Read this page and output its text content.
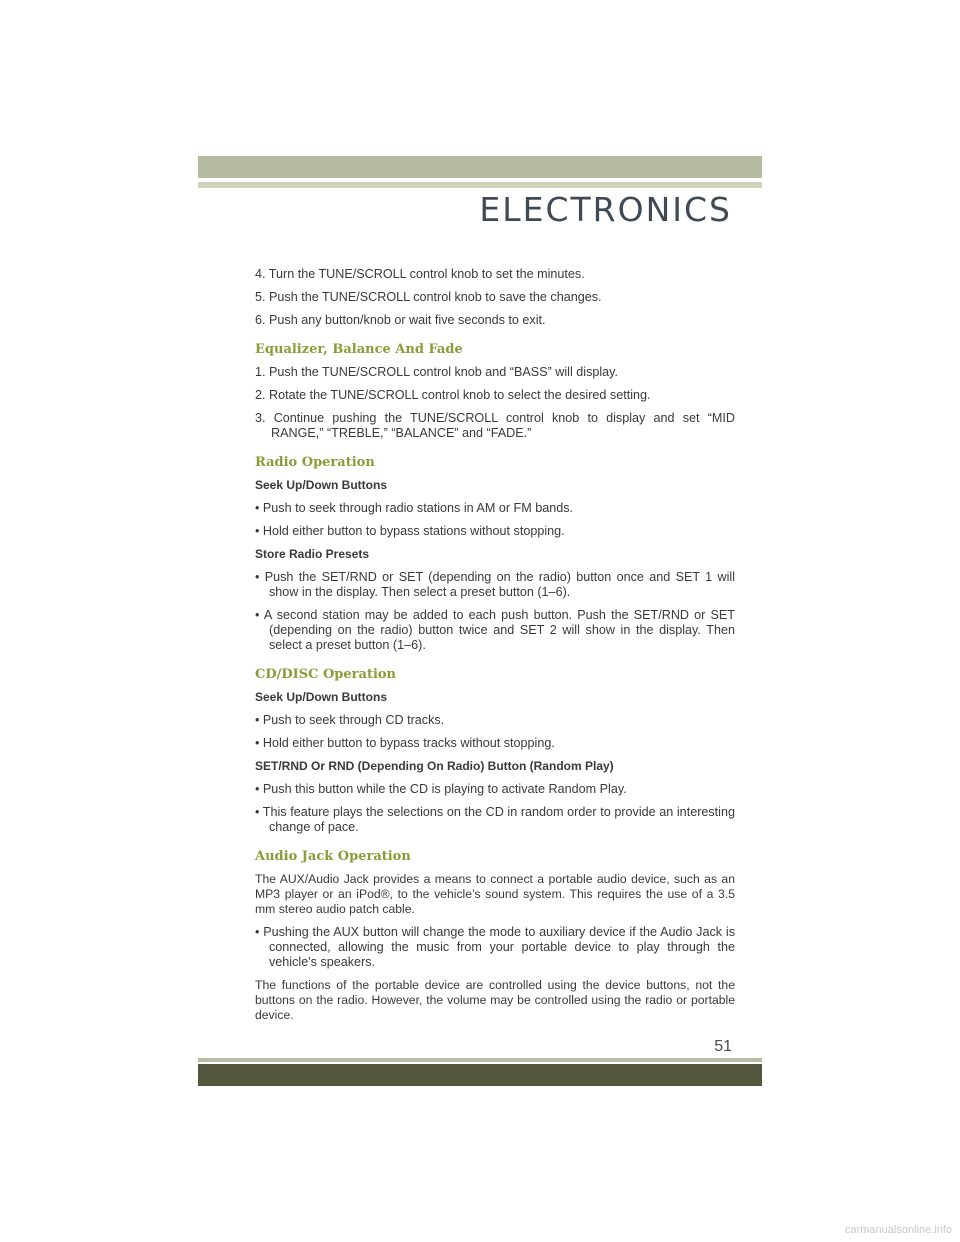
ELECTRONICS

4. Turn the TUNE/SCROLL control knob to set the minutes.

5. Push the TUNE/SCROLL control knob to save the changes.

6. Push any button/knob or wait five seconds to exit.

Equalizer, Balance And Fade

1. Push the TUNE/SCROLL control knob and “BASS” will display.

2. Rotate the TUNE/SCROLL control knob to select the desired setting.

3. Continue pushing the TUNE/SCROLL control knob to display and set “MID RANGE,” “TREBLE,” “BALANCE” and “FADE.”

Radio Operation
Seek Up/Down Buttons

• Push to seek through radio stations in AM or FM bands.

• Hold either button to bypass stations without stopping.

Store Radio Presets

• Push the SET/RND or SET (depending on the radio) button once and SET 1 will show in the display. Then select a preset button (1–6).

• A second station may be added to each push button. Push the SET/RND or SET (depending on the radio) button twice and SET 2 will show in the display. Then select a preset button (1–6).

CD/DISC Operation
Seek Up/Down Buttons

• Push to seek through CD tracks.

• Hold either button to bypass tracks without stopping.

SET/RND Or RND (Depending On Radio) Button (Random Play)

• Push this button while the CD is playing to activate Random Play.

• This feature plays the selections on the CD in random order to provide an interesting change of pace.

Audio Jack Operation

The AUX/Audio Jack provides a means to connect a portable audio device, such as an MP3 player or an iPod®, to the vehicle’s sound system. This requires the use of a 3.5 mm stereo audio patch cable.

• Pushing the AUX button will change the mode to auxiliary device if the Audio Jack is connected, allowing the music from your portable device to play through the vehicle's speakers.

The functions of the portable device are controlled using the device buttons, not the buttons on the radio. However, the volume may be controlled using the radio or portable device.

51
carmanualsonline.info
